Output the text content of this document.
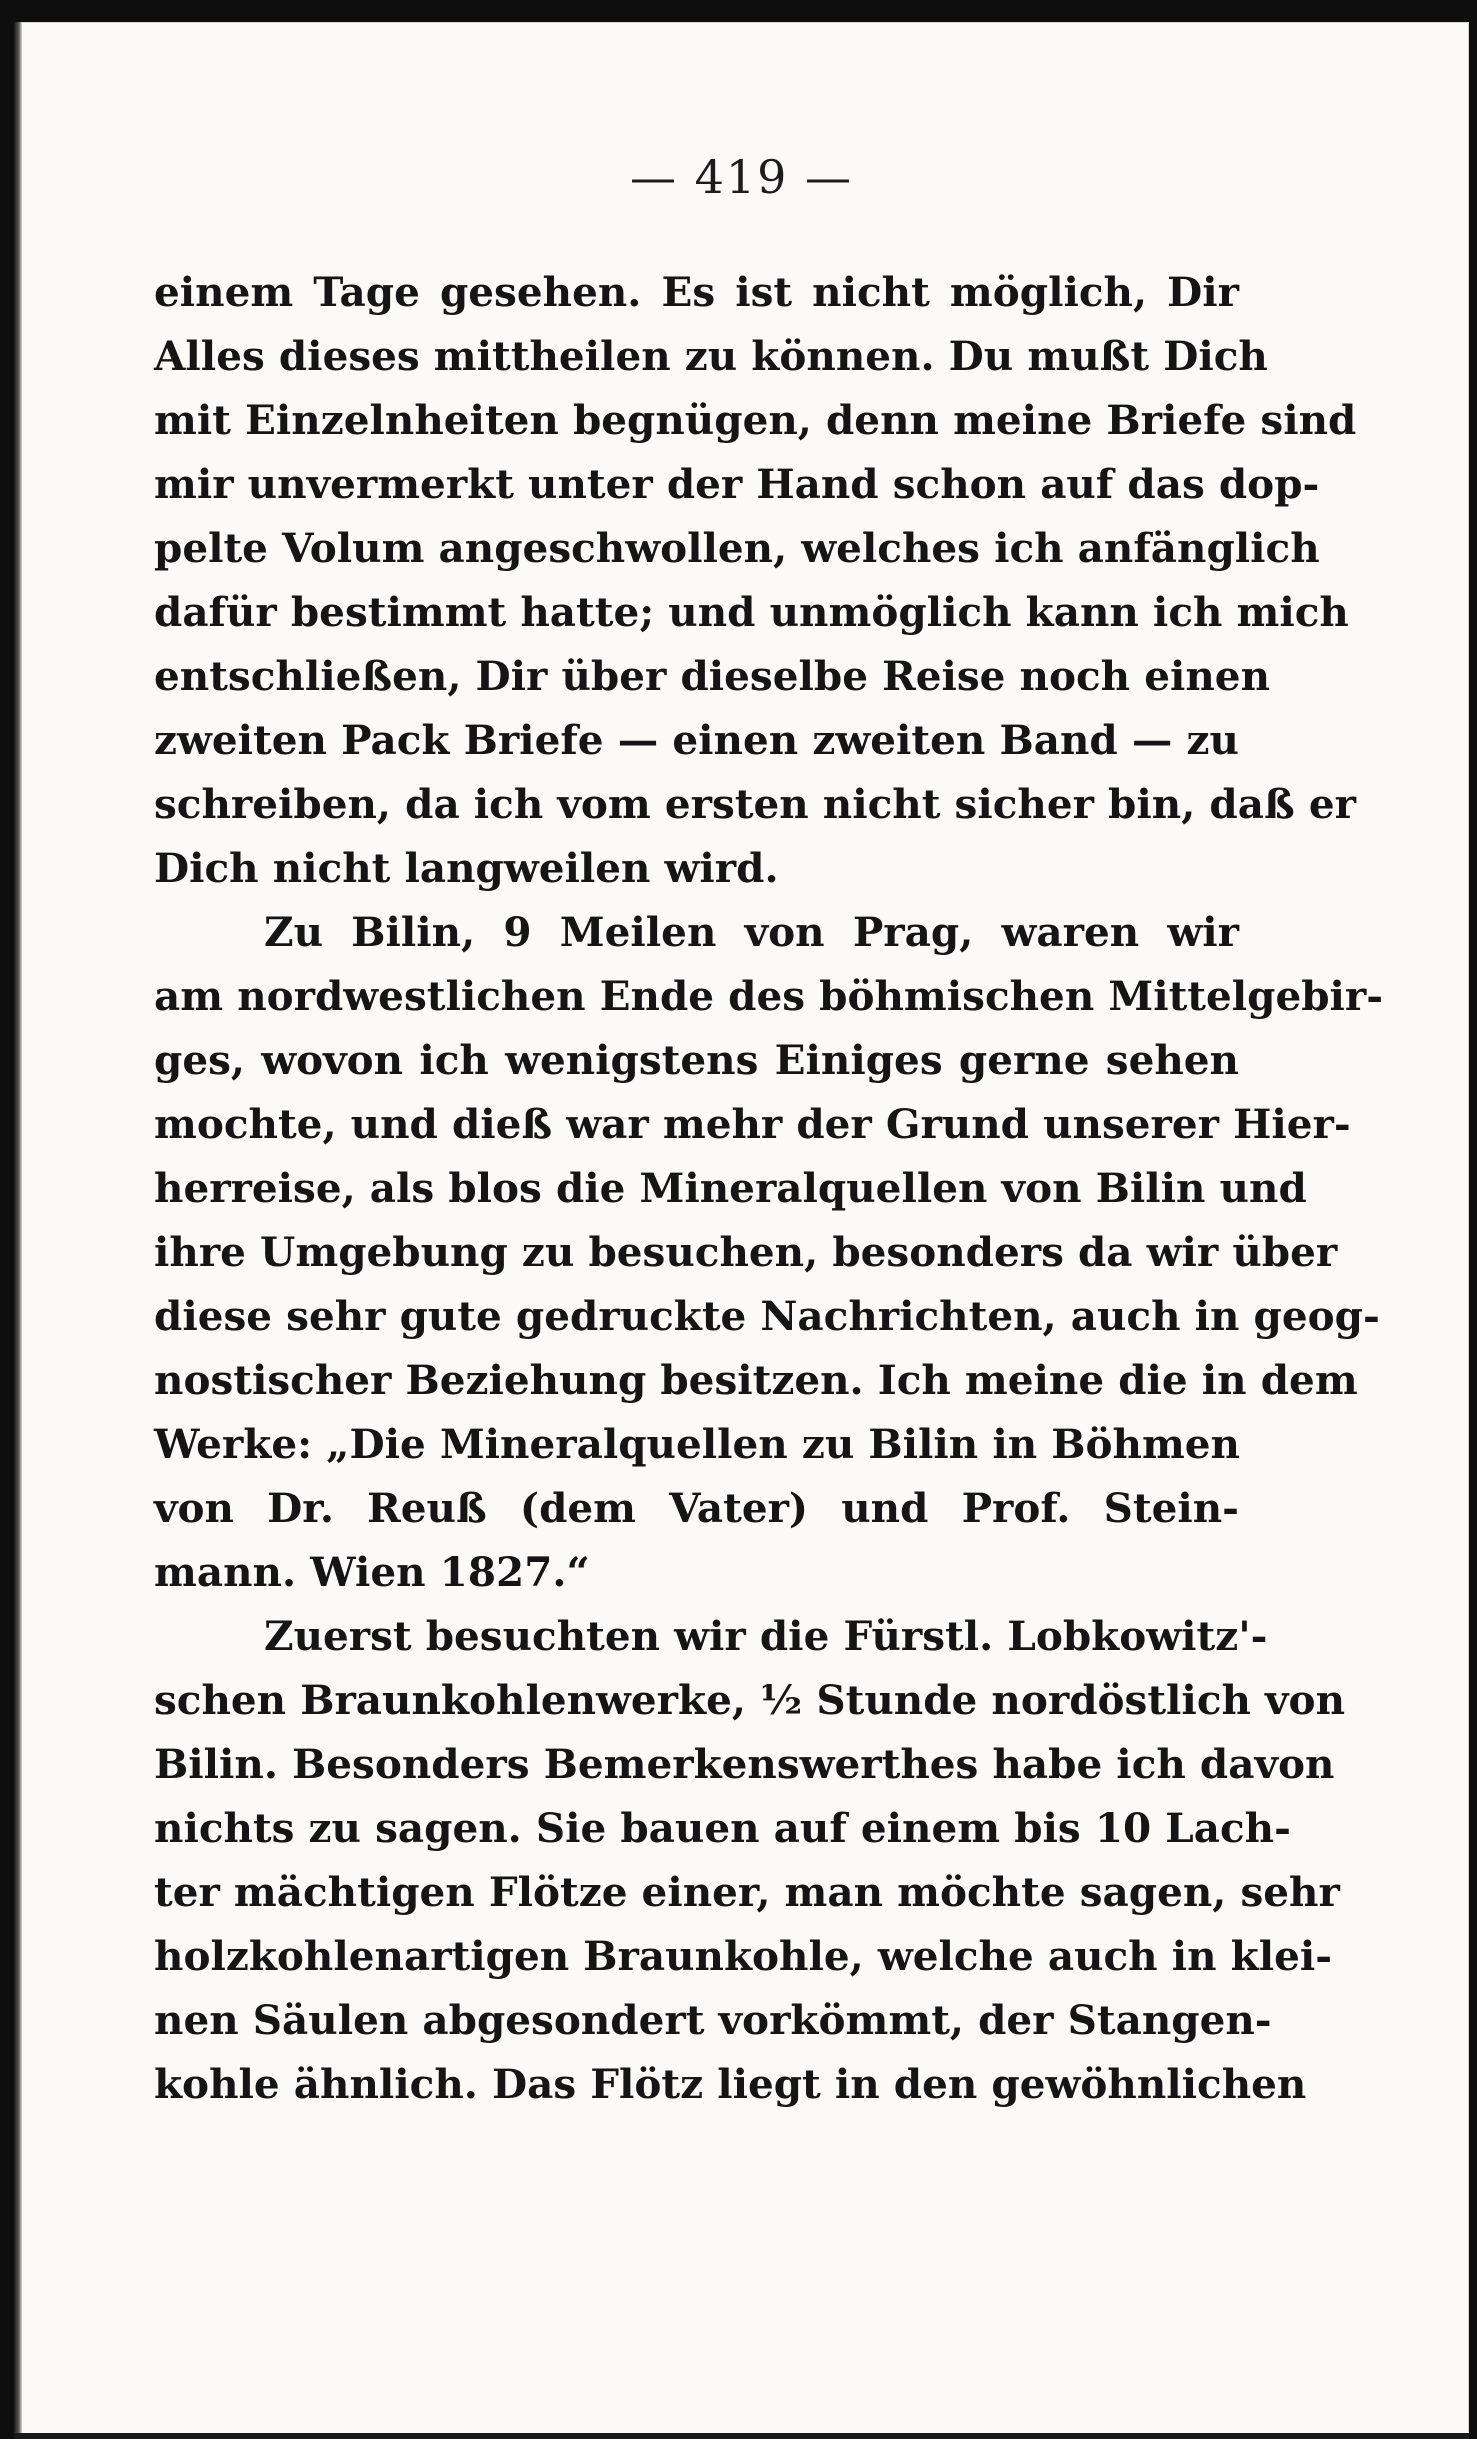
— 419 —
einem Tage gesehen. Es ist nicht möglich, Dir
Alles dieses mittheilen zu können. Du mußt Dich
mit Einzelnheiten begnügen, denn meine Briefe sind
mir unvermerkt unter der Hand schon auf das dop-
pelte Volum angeschwollen, welches ich anfänglich
dafür bestimmt hatte; und unmöglich kann ich mich
entschließen, Dir über dieselbe Reise noch einen
zweiten Pack Briefe — einen zweiten Band — zu
schreiben, da ich vom ersten nicht sicher bin, daß er
Dich nicht langweilen wird.
Zu Bilin, 9 Meilen von Prag, waren wir
am nordwestlichen Ende des böhmischen Mittelgebir-
ges, wovon ich wenigstens Einiges gerne sehen
mochte, und dieß war mehr der Grund unserer Hier-
herreise, als blos die Mineralquellen von Bilin und
ihre Umgebung zu besuchen, besonders da wir über
diese sehr gute gedruckte Nachrichten, auch in geog-
nostischer Beziehung besitzen. Ich meine die in dem
Werke: „Die Mineralquellen zu Bilin in Böhmen
von Dr. Reuß (dem Vater) und Prof. Stein-
mann. Wien 1827.“
Zuerst besuchten wir die Fürstl. Lobkowitz'-
schen Braunkohlenwerke, ½ Stunde nordöstlich von
Bilin. Besonders Bemerkenswerthes habe ich davon
nichts zu sagen. Sie bauen auf einem bis 10 Lach-
ter mächtigen Flötze einer, man möchte sagen, sehr
holzkohlenartigen Braunkohle, welche auch in klei-
nen Säulen abgesondert vorkömmt, der Stangen-
kohle ähnlich. Das Flötz liegt in den gewöhnlichen
